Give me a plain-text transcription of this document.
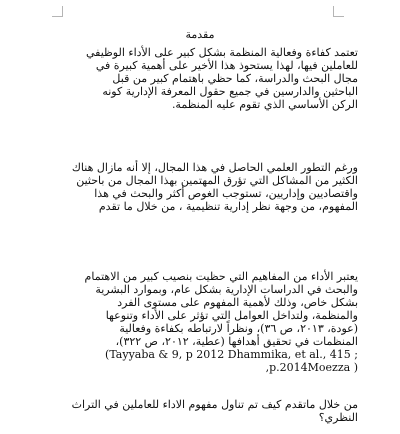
مقدمة
تعتمد كفاءة وفعالية المنظمة بشكل كبير على الأداء الوظيفي
للعاملين فيها، لهذا يستحوذ هذا الأخير على أهمية كبيرة في
مجال البحث والدراسة، كما حظي باهتمام كبير من قبل
الباحثين والدارسين في جميع حقول المعرفة الإدارية كونه
الركن الأساسي الذي تقوم عليه المنظمة.
ورغم التطور العلمي الحاصل في هذا المجال، إلا أنه مازال هناك
الكثير من المشاكل التي تؤرق المهتمين بهذا المجال من باحثين
واقتصاديين وإداريين، تستوجب الغوص أكثر والبحث في هذا
المفهوم، من وجهة نظر إدارية تنظيمية ، من خلال ما تقدم
يعتبر الأداء من المفاهيم التي حظيت بنصيب كبير من الاهتمام
والبحث في الدراسات الإدارية بشكل عام، وبموارد البشرية
بشكل خاص، وذلك لأهمية المفهوم على مستوى الفرد
والمنظمة، ولتداخل العوامل التي تؤثر على الأداء وتنوعها
(عودة، ٢٠١٣، ص ٣٦)، ونظراً لارتباطه بكفاءة وفعالية
المنظمات في تحقيق أهدافها (عطية، ٢٠١٢، ص ٣٢٢)،
; Tayyaba & 9, p 2012 Dhammika, et al., 415)
( p.2014Moezza,
من خلال ماتقدم كيف تم تناول مفهوم الاداء للعاملين في التراث
النظري؟
